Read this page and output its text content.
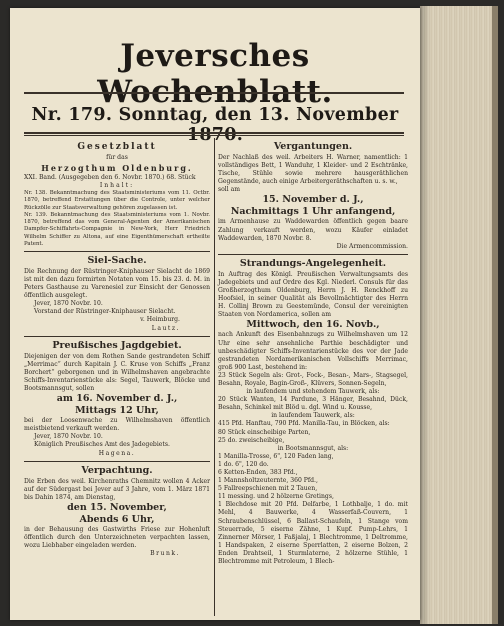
Jeversches Wochenblatt.
Nr. 179. Sonntag, den 13. November 1870.
Gesetzblatt

für das

Herzogthum Oldenburg.

XXI. Band. (Ausgegeben den 6. Novbr. 1870.) 68. Stück

Inhalt:

Nr. 138. Bekanntmachung des Staatsministeriums vom 11. Octbr. 1870, betreffend Erstattungen über die Controle, unter welcher Rückzölle zur Staatsverwaltung gehören zugelassen ist.

Nr. 139. Bekanntmachung des Staatsministeriums vom 1. Novbr. 1870, betreffend das vom General-Agenten der Amerikanischen Dampfer-Schiffahrts-Compagnie in New-York, Herr Friedrich Wilhelm Schiffer zu Altona, auf eine Eigenthümerschaft ertheilte Patent.

Siel-Sache.

Die Rechnung der Rüstringer-Kniphauser Sielacht de 1869 ist mit den dazu formirten Notaten vom 15. bis 23. d. M. in Peters Gasthause zu Varenesiel zur Einsicht der Genossen öffentlich ausgelegt.

Jever, 1870 Novbr. 10.

Vorstand der Rüstringer-Kniphauser Sielacht.

v. Heimburg.

Lautz.

Preußisches Jagdgebiet.

Diejenigen der von dem Rothen Sande gestrandeten Schiff „Merrimac“ durch Kapitain J. C. Kruse von Schiffs „Franz Borchert“ geborgenen und in Wilhelmshaven angebrachte Schiffs-Inventarienstücke als: Segel, Tauwerk, Blöcke und Bootsmannsgut, sollen

am 16. November d. J.,

Mittags 12 Uhr,

bei der Loosenwache zu Wilhelmshaven öffentlich meistbietend verkauft werden.

Jever, 1870 Novbr. 10.

Königlich Preußisches Amt des Jadegebiets.

Hagena.

Verpachtung.

Die Erben des weil. Kirchenraths Chemnitz wollen 4 Acker auf der Südergast bei Jever auf 3 Jahre, vom 1. März 1871 bis Dahin 1874, am Dienstag,

den 15. November,

Abends 6 Uhr,

in der Behausung des Gastwirths Friese zur Hohenluft öffentlich durch den Unterzeichneten verpachten lassen, wozu Liebhaber eingeladen werden.

Brunk.

Vergantungen.

Der Nachlaß des weil. Arbeiters H. Warner, namentlich: 1 vollständiges Bett, 1 Wanduhr, 1 Kleider- und 2 Eschtränke, Tische, Stühle sowie mehrere hausgeräthlichen Gegenstände, auch einige Arbeitergeräthschaften u. s. w.,

soll am

15. November d. J.,

Nachmittags 1 Uhr anfangend,

im Armenhause zu Waddewarden öffentlich gegen baare Zahlung verkauft werden, wozu Käufer einladet Waddewarden, 1870 Novbr. 8.

Die Armencommission.

Strandungs-Angelegenheit.

In Auftrag des Königl. Preußischen Verwaltungsamts des Jadegebiets und auf Ordre des Kgl. Niederl. Consuls für das Großherzogthum Oldenburg, Herrn J. H. Renckhoff zu Hoofsiel, in seiner Qualität als Bevollmächtigter des Herrn H. Collinj Brown zu Geestemünde, Consul der vereinigten Staaten von Nordamerica, sollen am

Mittwoch, den 16. Novb.,

nach Ankunft des Eisenbahnzugs zu Wilhelmshaven um 12 Uhr eine sehr ansehnliche Parthie beschädigter und unbeschädigter Schiffs-Inventarienstücke des vor der Jade gestrandeten Nordamerikanischen Vollschiffs Merrimac, groß 900 Last, bestehend in:

23 Stück Segeln als: Grot-, Fock-, Besan-, Mars-, Stagsegel, Besahn, Royale, Bagin-Groß-, Klüvers, Sonnen-Segeln,

in laufendem und stehendem Tauwerk, als:

20 Stück Wanten, 14 Pardune, 3 Hänger, Besahnd, Dück, Besahn, Schinkel mit Blöd u. dgl. Wind u. Kousse,

in laufendem Tauwerk, als:

415 Pfd. Hanftau, 790 Pfd. Manilla-Tau, in Blöcken, als:

80 Stück einscheibige Parten,

25 do. zweischeibige,

in Bootsmannsgut, als:

1 Manilla-Trosse, 6", 120 Faden lang,

1 do. 6", 120 do.

6 Ketten-Enden, 383 Pfd.,

1 Mannsholtzeuternte, 360 Pfd.,

5 Fallreepschienen mit 2 Tauen,

11 messing. und 2 hölzerne Gretings,

1 Blechdose mit 20 Pfd. Delfarbe, 1 Lothbalje, 1 do. mit Mehl, 4 Bauwerke, 4 Wasserfaß-Couvern, 1 Schraubenschlüssel, 6 Ballast-Schaufeln, 1 Stange vom Steuerrade, 5 eiserne Zähne, 1 Kupf. Pump-Lehrs, 1 Zinnerner Mörser, 1 Faßjalaj, 1 Blechtromme, 1 Deltromme, 1 Handspaken, 2 eiserne Sperrlatten, 2 eiserne Bolzen, 2 Enden Drahtseil, 1 Sturmlaterne, 2 hölzerne Stühle, 1 Blechtromme mit Petroleum, 1 Blech-
